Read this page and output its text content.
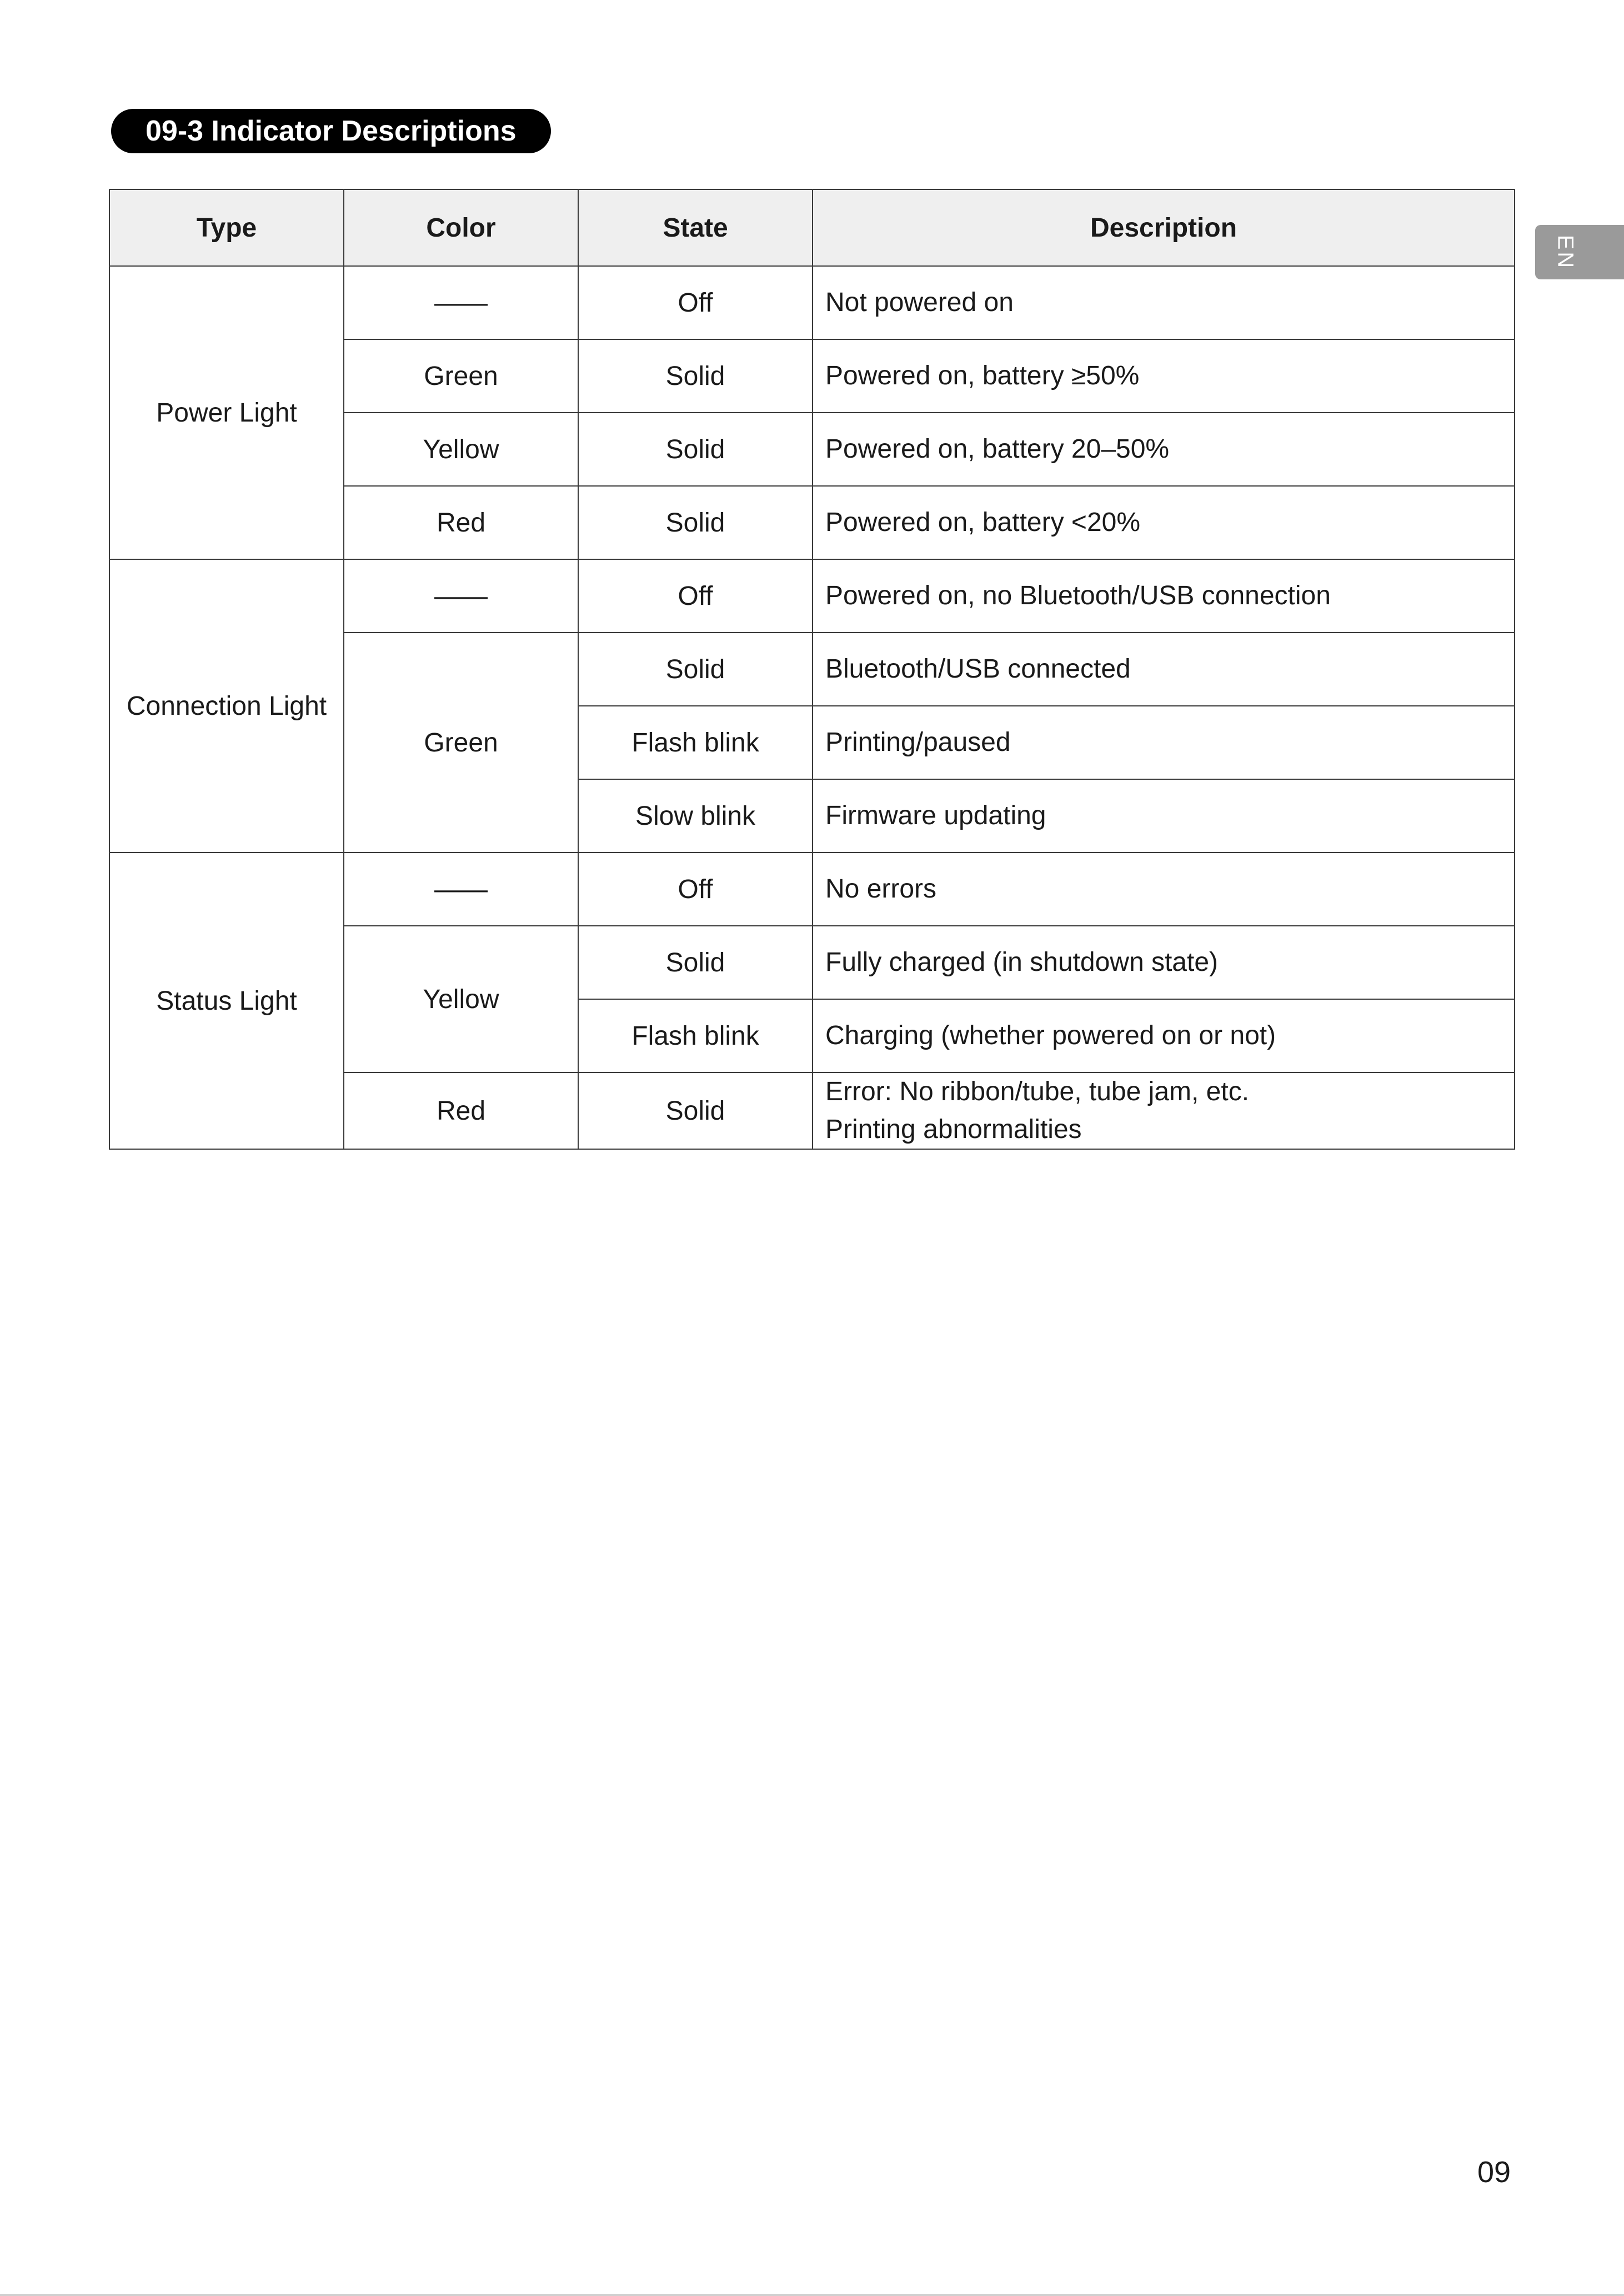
09-3 Indicator Descriptions
EN
Type	Color	State	Description
Power Light	——	Off	Not powered on

	Green	Solid	Powered on, battery ≥50%

	Yellow	Solid	Powered on, battery 20–50%

	Red	Solid	Powered on, battery <20%

Connection Light	——	Off	Powered on, no Bluetooth/USB connection

	Green	Solid	Bluetooth/USB connected

		Flash blink	Printing/paused

		Slow blink	Firmware updating

Status Light	——	Off	No errors

	Yellow	Solid	Fully charged (in shutdown state)

		Flash blink	Charging (whether powered on or not)

	Red	Solid	Error: No ribbon/tube, tube jam, etc.
Printing abnormalities
09
